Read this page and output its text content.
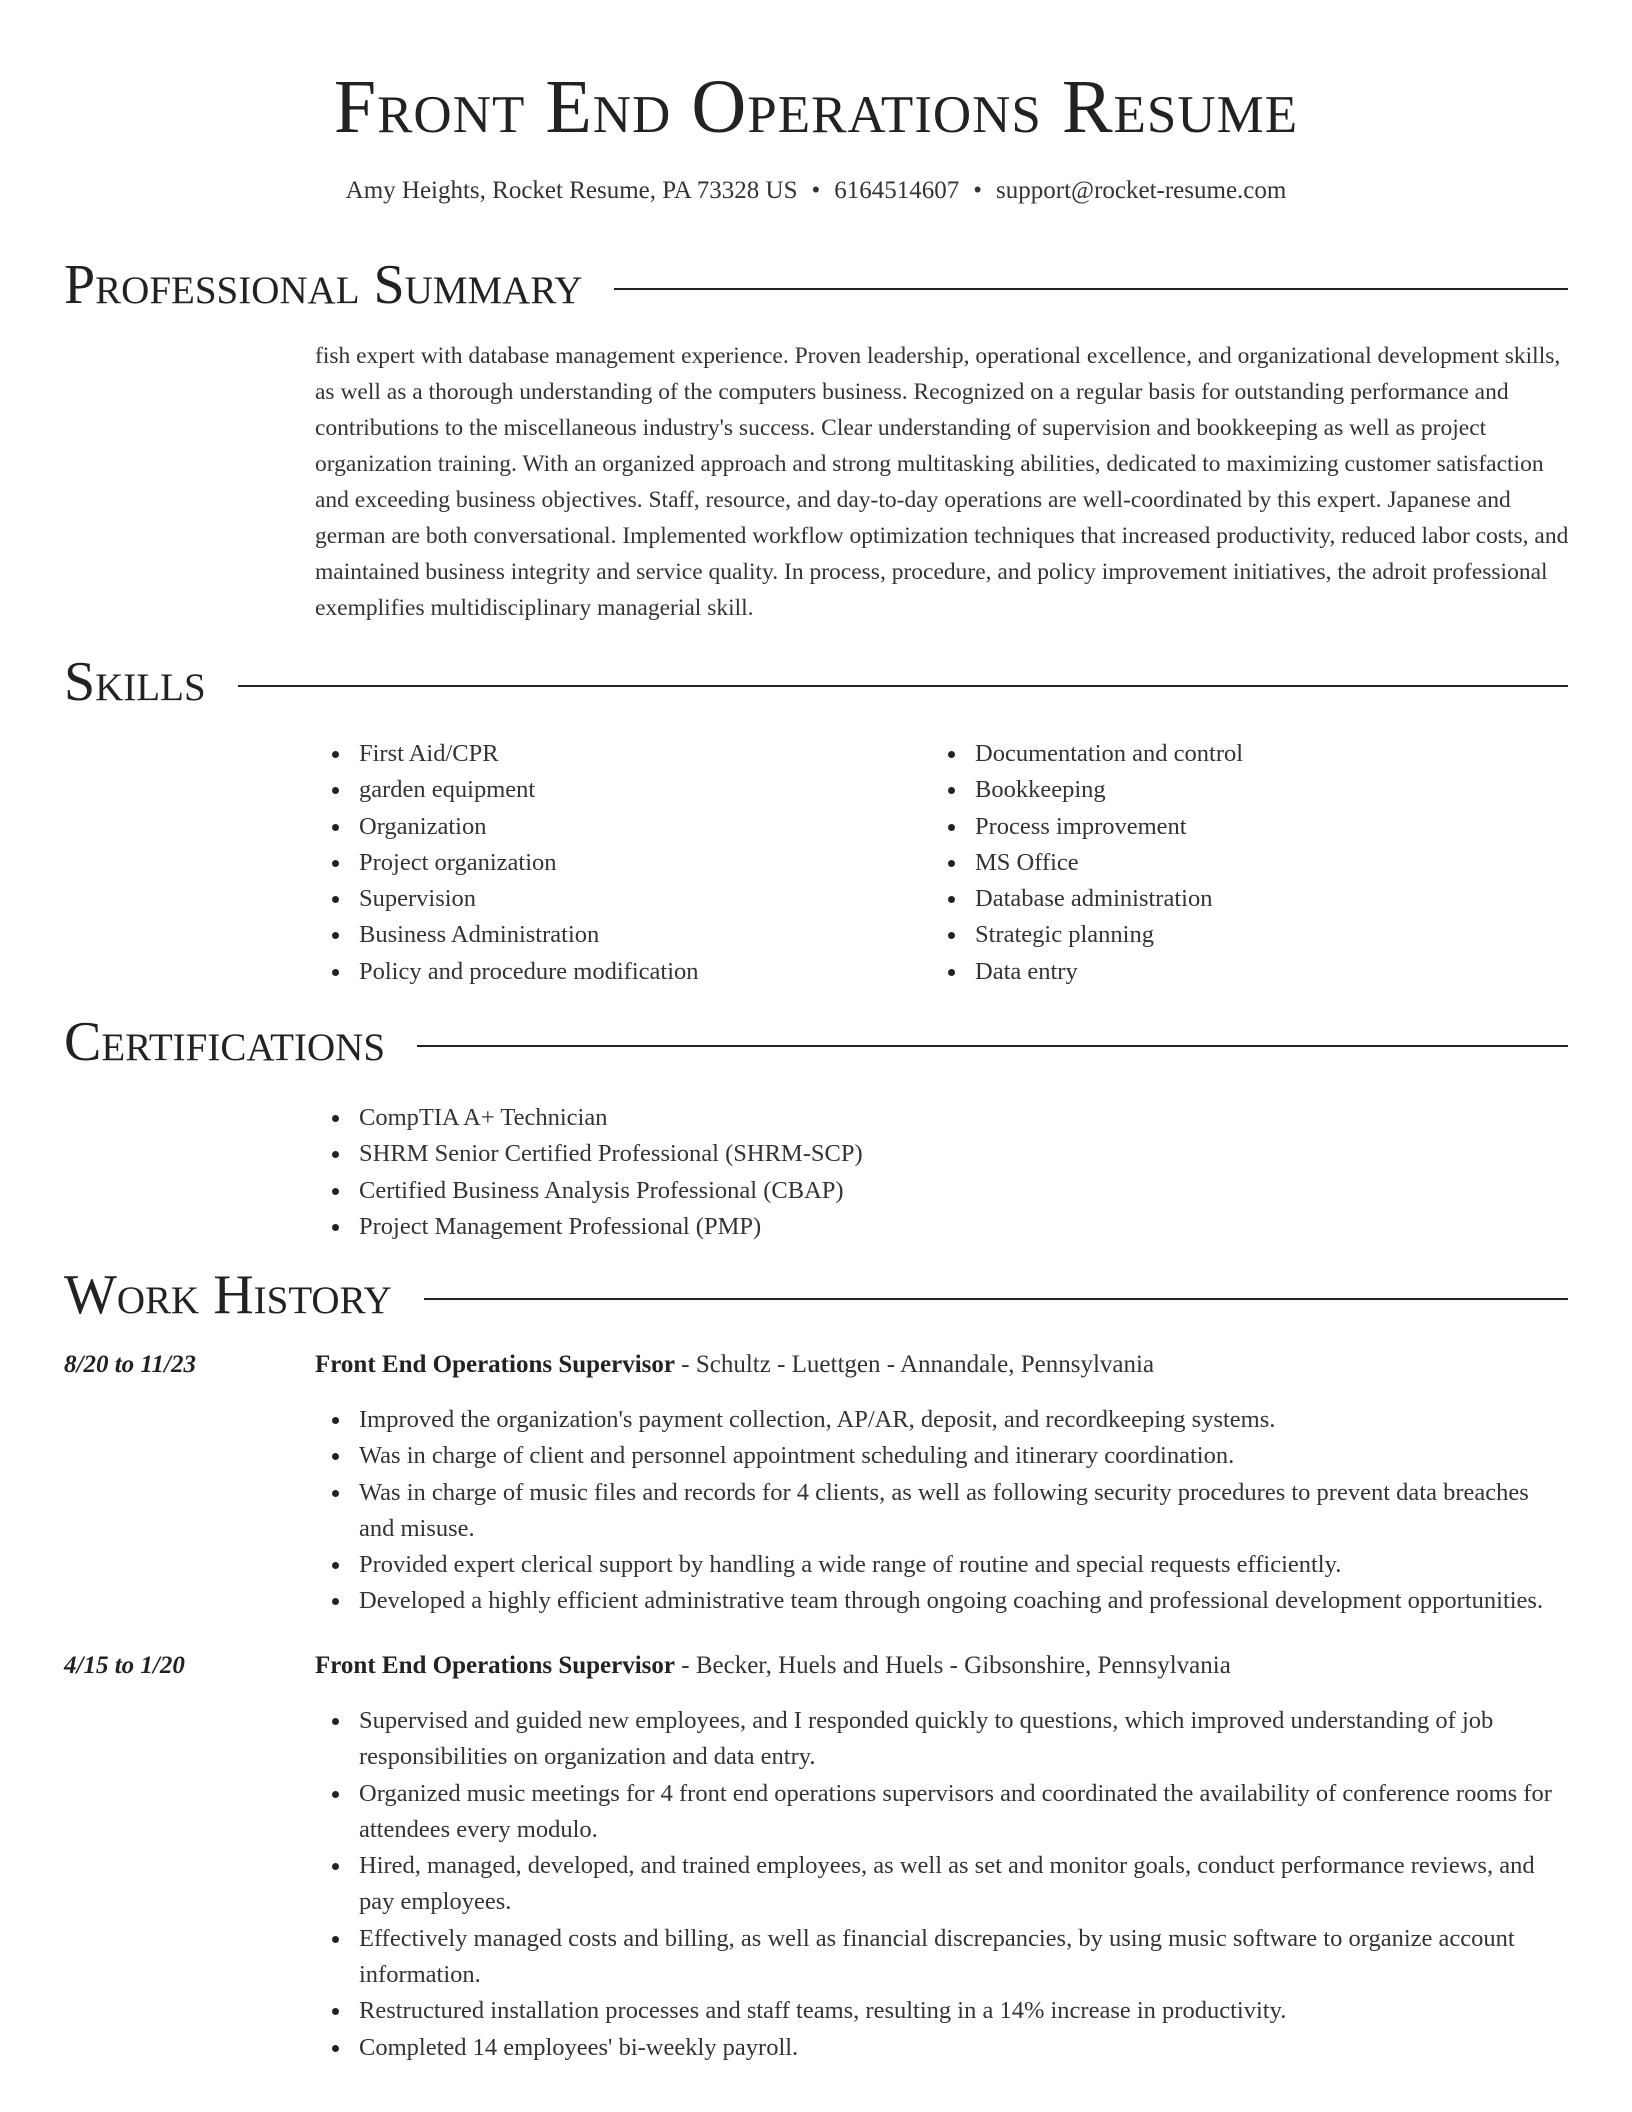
Front End Operations Resume
Amy Heights, Rocket Resume, PA 73328 US • 6164514607 • support@rocket-resume.com
Professional Summary

fish expert with database management experience. Proven leadership, operational excellence, and organizational development skills, as well as a thorough understanding of the computers business. Recognized on a regular basis for outstanding performance and contributions to the miscellaneous industry's success. Clear understanding of supervision and bookkeeping as well as project organization training. With an organized approach and strong multitasking abilities, dedicated to maximizing customer satisfaction and exceeding business objectives. Staff, resource, and day-to-day operations are well-coordinated by this expert. Japanese and german are both conversational. Implemented workflow optimization techniques that increased productivity, reduced labor costs, and maintained business integrity and service quality. In process, procedure, and policy improvement initiatives, the adroit professional exemplifies multidisciplinary managerial skill.

Skills
First Aid/CPR
garden equipment
Organization
Project organization
Supervision
Business Administration
Policy and procedure modification
Documentation and control
Bookkeeping
Process improvement
MS Office
Database administration
Strategic planning
Data entry
Certifications
CompTIA A+ Technician
SHRM Senior Certified Professional (SHRM-SCP)
Certified Business Analysis Professional (CBAP)
Project Management Professional (PMP)
Work History
8/20 to 11/23	Front End Operations Supervisor - Schultz - Luettgen - Annandale, Pennsylvania
Improved the organization's payment collection, AP/AR, deposit, and recordkeeping systems.
Was in charge of client and personnel appointment scheduling and itinerary coordination.
Was in charge of music files and records for 4 clients, as well as following security procedures to prevent data breaches and misuse.
Provided expert clerical support by handling a wide range of routine and special requests efficiently.
Developed a highly efficient administrative team through ongoing coaching and professional development opportunities.
4/15 to 1/20	Front End Operations Supervisor - Becker, Huels and Huels - Gibsonshire, Pennsylvania
Supervised and guided new employees, and I responded quickly to questions, which improved understanding of job responsibilities on organization and data entry.
Organized music meetings for 4 front end operations supervisors and coordinated the availability of conference rooms for attendees every modulo.
Hired, managed, developed, and trained employees, as well as set and monitor goals, conduct performance reviews, and pay employees.
Effectively managed costs and billing, as well as financial discrepancies, by using music software to organize account information.
Restructured installation processes and staff teams, resulting in a 14% increase in productivity.
Completed 14 employees' bi-weekly payroll.
